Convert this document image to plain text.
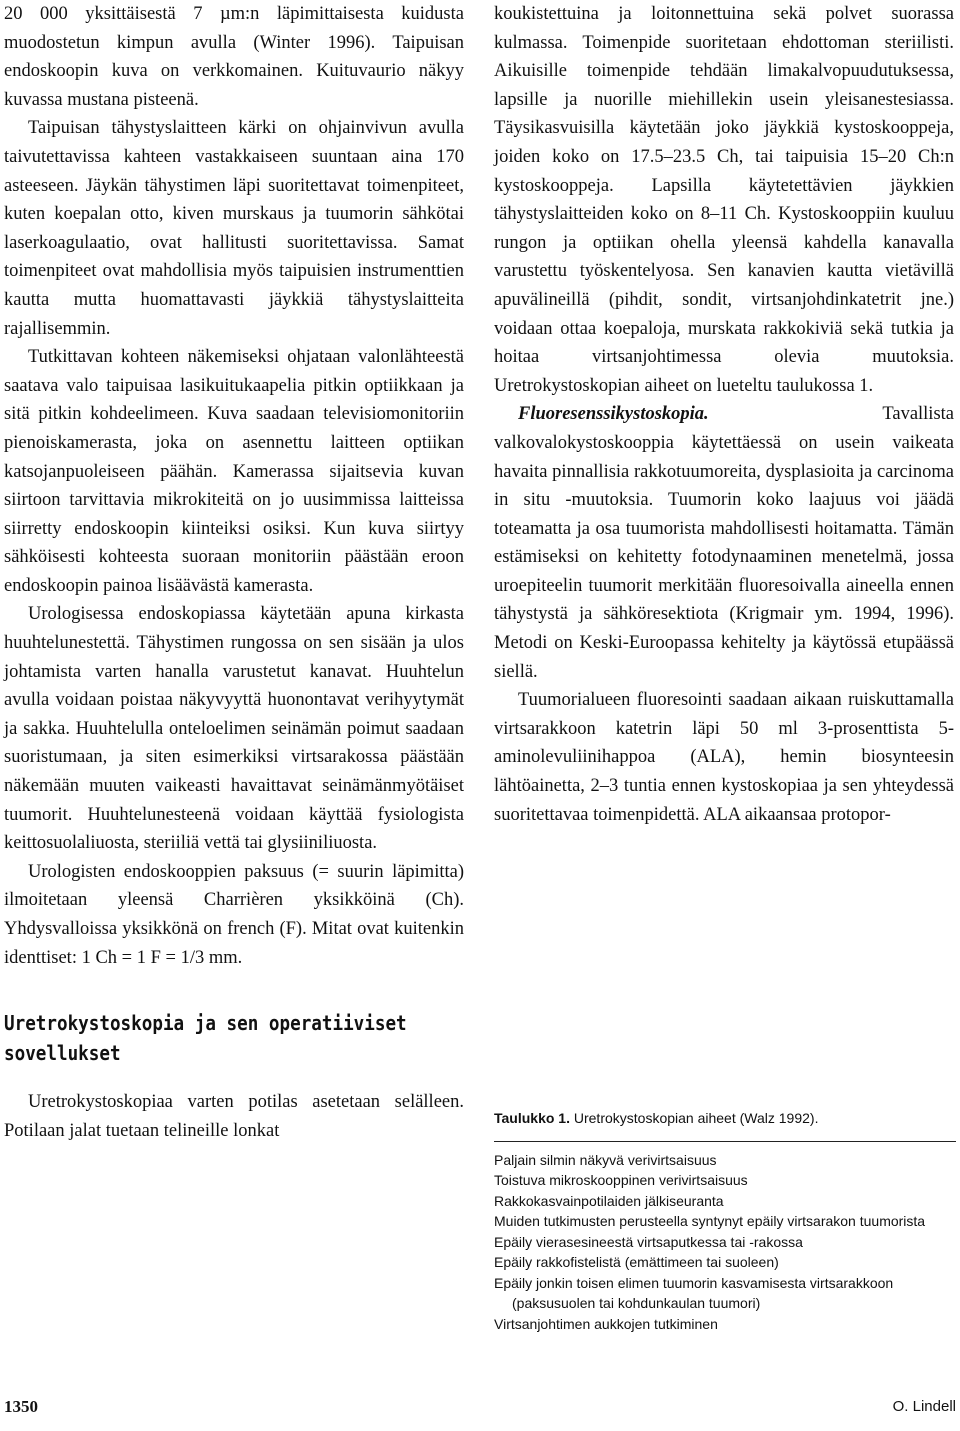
20 000 yksittäisestä 7 µm:n läpimittaisesta kuidusta muodostetun kimpun avulla (Winter 1996). Taipuisan endoskoopin kuva on verkkomainen. Kuituvaurio näkyy kuvassa mustana pisteenä.

Taipuisan tähystyslaitteen kärki on ohjainvivun avulla taivutettavissa kahteen vastakkaiseen suuntaan aina 170 asteeseen. Jäykän tähystimen läpi suoritettavat toimenpiteet, kuten koepalan otto, kiven murskaus ja tuumorin sähkötai laserkoagulaatio, ovat hallitusti suoritettavissa. Samat toimenpiteet ovat mahdollisia myös taipuisien instrumenttien kautta mutta huomattavasti jäykkiä tähystyslaitteita rajallisemmin.

Tutkittavan kohteen näkemiseksi ohjataan valonlähteestä saatava valo taipuisaa lasikuitukaapelia pitkin optiikkaan ja sitä pitkin kohdeelimeen. Kuva saadaan televisiomonitoriin pienoiskamerasta, joka on asennettu laitteen optiikan katsojanpuoleiseen päähän. Kamerassa sijaitsevia kuvan siirtoon tarvittavia mikrokiteitä on jo uusimmissa laitteissa siirretty endoskoopin kiinteiksi osiksi. Kun kuva siirtyy sähköisesti kohteesta suoraan monitoriin päästään eroon endoskoopin painoa lisäävästä kamerasta.

Urologisessa endoskopiassa käytetään apuna kirkasta huuhtelunestettä. Tähystimen rungossa on sen sisään ja ulos johtamista varten hanalla varustetut kanavat. Huuhtelun avulla voidaan poistaa näkyvyyttä huonontavat verihyytymät ja sakka. Huuhtelulla onteloelimen seinämän poimut saadaan suoristumaan, ja siten esimerkiksi virtsarakossa päästään näkemään muuten vaikeasti havaittavat seinämänmyötäiset tuumorit. Huuhtelunesteenä voidaan käyttää fysiologista keittosuolaliuosta, steriiliä vettä tai glysiiniliuosta.

Urologisten endoskooppien paksuus (= suurin läpimitta) ilmoitetaan yleensä Charrièren yksikköinä (Ch). Yhdysvalloissa yksikkönä on french (F). Mitat ovat kuitenkin identtiset: 1 Ch = 1 F = 1/3 mm.

Uretrokystoskopia ja sen operatiiviset sovellukset

Uretrokystoskopiaa varten potilas asetetaan selälleen. Potilaan jalat tuetaan telineille lonkat

koukistettuina ja loitonnettuina sekä polvet suorassa kulmassa. Toimenpide suoritetaan ehdottoman steriilisti. Aikuisille toimenpide tehdään limakalvopuudutuksessa, lapsille ja nuorille miehillekin usein yleisanestesiassa. Täysikasvuisilla käytetään joko jäykkiä kystoskooppeja, joiden koko on 17.5–23.5 Ch, tai taipuisia 15–20 Ch:n kystoskooppeja. Lapsilla käytetettävien jäykkien tähystyslaitteiden koko on 8–11 Ch. Kystoskooppiin kuuluu rungon ja optiikan ohella yleensä kahdella kanavalla varustettu työskentelyosa. Sen kanavien kautta vietävillä apuvälineillä (pihdit, sondit, virtsanjohdinkatetrit jne.) voidaan ottaa koepaloja, murskata rakkokiviä sekä tutkia ja hoitaa virtsanjohtimessa olevia muutoksia. Uretrokystoskopian aiheet on lueteltu taulukossa 1.

Fluoresenssikystoskopia.	Tavallista valkovalokystoskooppia käytettäessä on usein vaikeata havaita pinnallisia rakkotuumoreita, dysplasioita ja carcinoma in situ -muutoksia. Tuumorin koko laajuus voi jäädä toteamatta ja osa tuumorista mahdollisesti hoitamatta. Tämän estämiseksi on kehitetty fotodynaaminen menetelmä, jossa uroepiteelin tuumorit merkitään fluoresoivalla aineella ennen tähystystä ja sähköresektiota (Krigmair ym. 1994, 1996). Metodi on Keski-Euroopassa kehitelty ja käytössä etupäässä siellä.

Tuumorialueen fluoresointi saadaan aikaan ruiskuttamalla virtsarakkoon katetrin läpi 50 ml 3-prosenttista 5-aminolevuliinihappoa (ALA), hemin biosynteesin lähtöainetta, 2–3 tuntia ennen kystoskopiaa ja sen yhteydessä suoritettavaa toimenpidettä. ALA aikaansaa protopor-

Taulukko 1. Uretrokystoskopian aiheet (Walz 1992).

Paljain silmin näkyvä verivirtsaisuus

Toistuva mikroskooppinen verivirtsaisuus

Rakkokasvainpotilaiden jälkiseuranta

Muiden tutkimusten perusteella syntynyt epäily virtsarakon tuumorista

Epäily vierasesineestä virtsaputkessa tai -rakossa

Epäily rakkofistelistä (emättimeen tai suoleen)

Epäily jonkin toisen elimen tuumorin kasvamisesta virtsarakkoon (paksusuolen tai kohdunkaulan tuumori)

Virtsanjohtimen aukkojen tutkiminen

1350	O. Lindell
